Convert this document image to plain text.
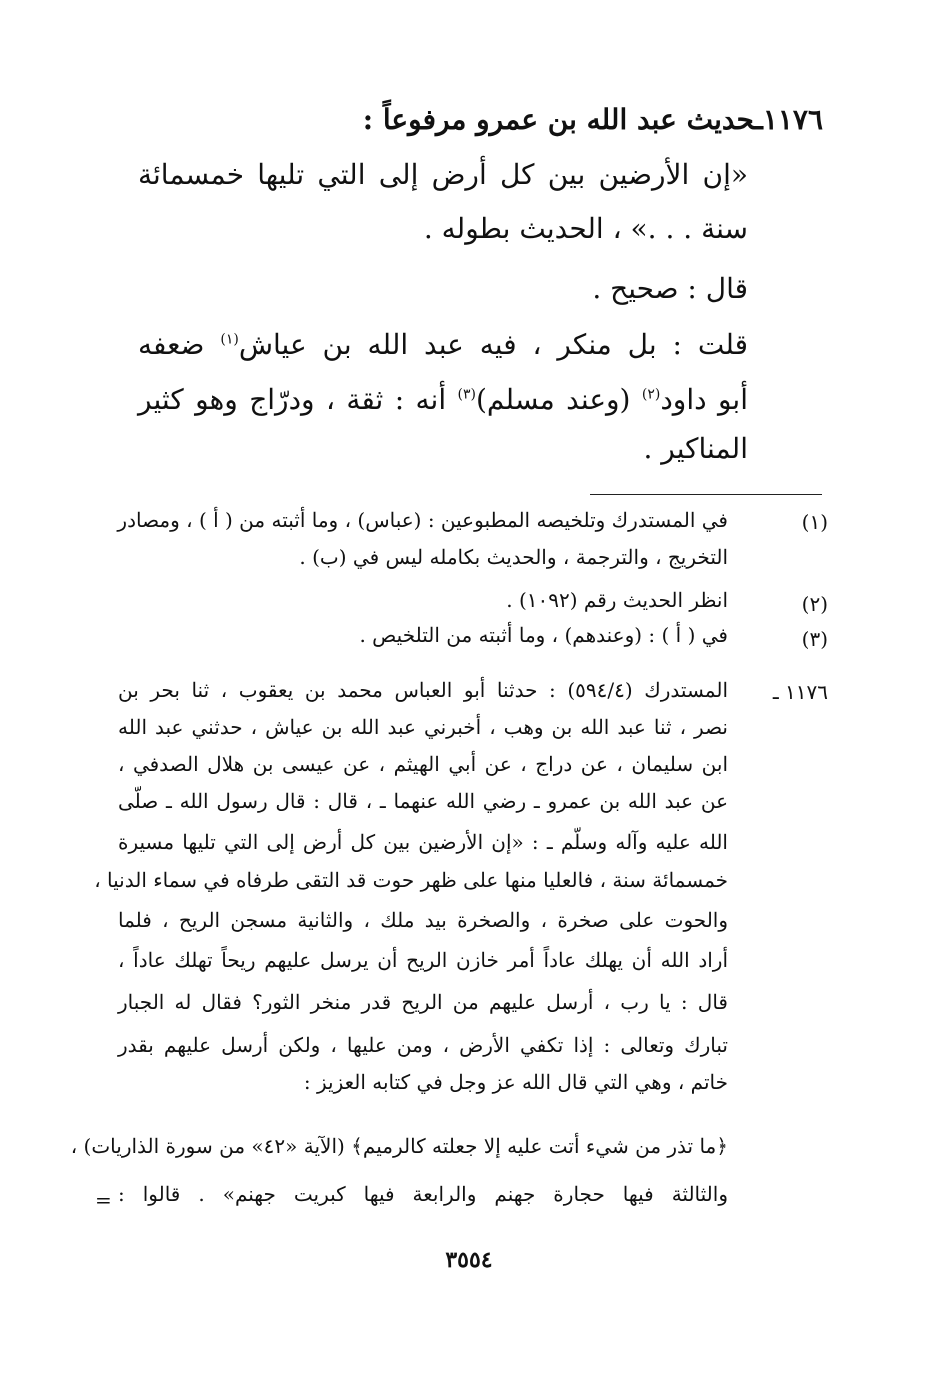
١١٧٦ـحديث عبد الله بن عمرو مرفوعاً :
«إن الأرضين بين كل أرض إلى التي تليها خمسمائة
سنة . . .» ، الحديث بطوله .
قال : صحيح .
قلت : بل منكر ، فيه عبد الله بن عياش$^{(١)}$ ضعفه
أبو داود$^{(٢)}$ (وعند مسلم)$^{(٣)}$ أنه : ثقة ، ودرّاج وهو كثير
المناكير .
(١)
في المستدرك وتلخيصه المطبوعين : (عباس) ، وما أثبته من ( أ ) ، ومصادر
التخريج ، والترجمة ، والحديث بكامله ليس في (ب) .
(٢)
انظر الحديث رقم (١٠٩٢) .
(٣)
في ( أ ) : (وعندهم) ، وما أثبته من التلخيص .
١١٧٦ ـ
المستدرك (٥٩٤/٤) : حدثنا أبو العباس محمد بن يعقوب ، ثنا بحر بن
نصر ، ثنا عبد الله بن وهب ، أخبرني عبد الله بن عياش ، حدثني عبد الله
ابن سليمان ، عن دراج ، عن أبي الهيثم ، عن عيسى بن هلال الصدفي ،
عن عبد الله بن عمرو ـ رضي الله عنهما ـ ، قال : قال رسول الله ـ صلّى
الله عليه وآله وسلّم ـ : «إن الأرضين بين كل أرض إلى التي تليها مسيرة
خمسمائة سنة ، فالعليا منها على ظهر حوت قد التقى طرفاه في سماء الدنيا ،
والحوت على صخرة ، والصخرة بيد ملك ، والثانية مسجن الريح ، فلما
أراد الله أن يهلك عاداً أمر خازن الريح أن يرسل عليهم ريحاً تهلك عاداً ،
قال : يا رب ، أرسل عليهم من الريح قدر منخر الثور؟ فقال له الجبار
تبارك وتعالى : إذا تكفي الأرض ، ومن عليها ، ولكن أرسل عليهم بقدر
خاتم ، وهي التي قال الله عز وجل في كتابه العزيز :
﴿ما تذر من شيء أتت عليه إلا جعلته كالرميم﴾ (الآية «٤٢» من سورة الذاريات) ،
والثالثة فيها حجارة جهنم والرابعة فيها كبريت جهنم» . قالوا :
=
٣٥٥٤
